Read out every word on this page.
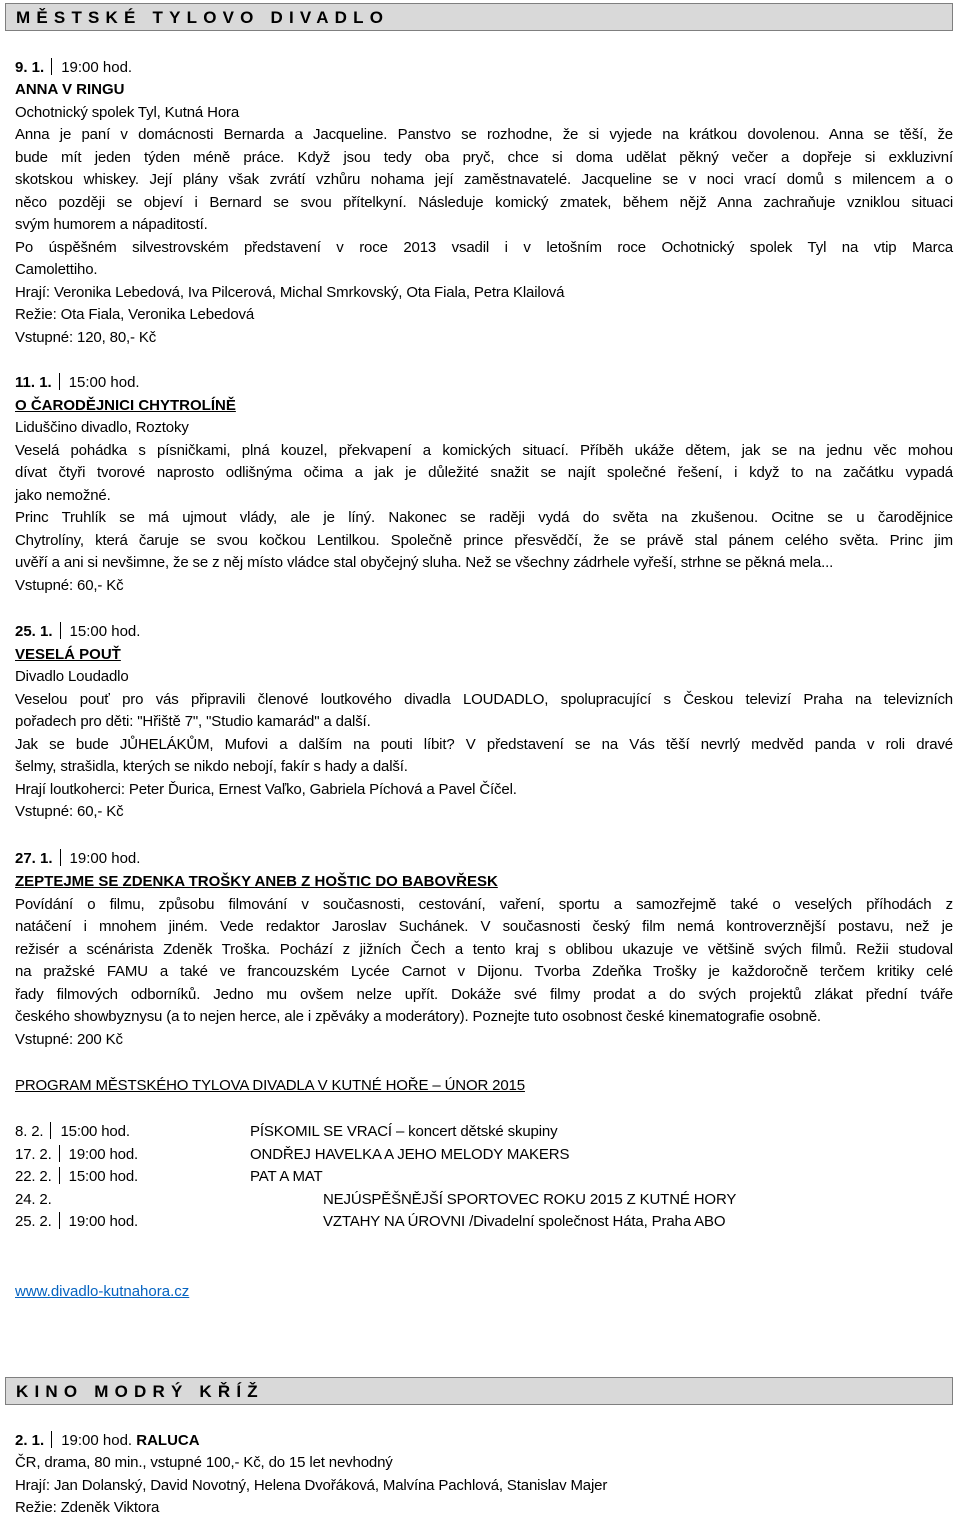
MĚSTSKÉ TYLOVO DIVADLO
9. 1. 19:00 hod.
ANNA V RINGU
Ochotnický spolek Tyl, Kutná Hora
Anna je paní v domácnosti Bernarda a Jacqueline. Panstvo se rozhodne, že si vyjede na krátkou dovolenou. Anna se těší, že
bude mít jeden týden méně práce. Když jsou tedy oba pryč, chce si doma udělat pěkný večer a dopřeje si exkluzivní
skotskou whiskey. Její plány však zvrátí vzhůru nohama její zaměstnavatelé. Jacqueline se v noci vrací domů s milencem a o
něco později se objeví i Bernard se svou přítelkyní. Následuje komický zmatek, během nějž Anna zachraňuje vzniklou situaci
svým humorem a nápaditostí.
Po úspěšném silvestrovském představení v roce 2013 vsadil i v letošním roce Ochotnický spolek Tyl na vtip Marca
Camolettiho.
Hrají: Veronika Lebedová, Iva Pilcerová, Michal Smrkovský, Ota Fiala, Petra Klailová
Režie: Ota Fiala, Veronika Lebedová
Vstupné: 120, 80,- Kč
11. 1. 15:00 hod.
O ČARODĚJNICI CHYTROLÍNĚ
Liduščino divadlo, Roztoky
Veselá pohádka s písničkami, plná kouzel, překvapení a komických situací. Příběh ukáže dětem, jak se na jednu věc mohou
dívat čtyři tvorové naprosto odlišnýma očima a jak je důležité snažit se najít společné řešení, i když to na začátku vypadá
jako nemožné.
Princ Truhlík se má ujmout vlády, ale je líný. Nakonec se raději vydá do světa na zkušenou. Ocitne se u čarodějnice
Chytrolíny, která čaruje se svou kočkou Lentilkou. Společně prince přesvědčí, že se právě stal pánem celého světa. Princ jim
uvěří a ani si nevšimne, že se z něj místo vládce stal obyčejný sluha. Než se všechny zádrhele vyřeší, strhne se pěkná mela...
Vstupné: 60,- Kč
25. 1. 15:00 hod.
VESELÁ POUŤ
Divadlo Loudadlo
Veselou pouť pro vás připravili členové loutkového divadla LOUDADLO, spolupracující s Českou televizí Praha na televizních
pořadech pro děti: "Hřiště 7", "Studio kamarád" a další.
Jak se bude JŮHELÁKŮM, Mufovi a dalším na pouti líbit? V představení se na Vás těší nevrlý medvěd panda v roli dravé
šelmy, strašidla, kterých se nikdo nebojí, fakír s hady a další.
Hrají loutkoherci: Peter Ďurica, Ernest Vaľko, Gabriela Píchová a Pavel Číčel.
Vstupné: 60,- Kč
27. 1. 19:00 hod.
ZEPTEJME SE ZDENKA TROŠKY ANEB Z HOŠTIC DO BABOVŘESK
Povídání o filmu, způsobu filmování v současnosti, cestování, vaření, sportu a samozřejmě také o veselých příhodách z
natáčení i mnohem jiném. Vede redaktor Jaroslav Suchánek. V současnosti český film nemá kontroverznější postavu, než je
režisér a scénárista Zdeněk Troška. Pochází z jižních Čech a tento kraj s oblibou ukazuje ve většině svých filmů. Režii studoval
na pražské FAMU a také ve francouzském Lycée Carnot v Dijonu. Tvorba Zdeňka Trošky je každoročně terčem kritiky celé
řady filmových odborníků. Jedno mu ovšem nelze upřít. Dokáže své filmy prodat a do svých projektů zlákat přední tváře
českého showbyznysu (a to nejen herce, ale i zpěváky a moderátory). Poznejte tuto osobnost české kinematografie osobně.
Vstupné: 200 Kč
PROGRAM MĚSTSKÉHO TYLOVA DIVADLA V KUTNÉ HOŘE – ÚNOR 2015
8. 2. 15:00 hod.	PÍSKOMIL SE VRACÍ – koncert dětské skupiny
17. 2. 19:00 hod.	ONDŘEJ HAVELKA A JEHO MELODY MAKERS
22. 2. 15:00 hod.	PAT A MAT
24. 2.	NEJÚSPĚŠNĚJŠÍ SPORTOVEC ROKU 2015 Z KUTNÉ HORY
25. 2. 19:00 hod.	VZTAHY NA ÚROVNI /Divadelní společnost Háta, Praha ABO
www.divadlo-kutnahora.cz
KINO MODRÝ KŘÍŽ
2. 1. 19:00 hod. RALUCA
ČR, drama, 80 min., vstupné 100,- Kč, do 15 let nevhodný
Hrají: Jan Dolanský, David Novotný, Helena Dvořáková, Malvína Pachlová, Stanislav Majer
Režie: Zdeněk Viktora
